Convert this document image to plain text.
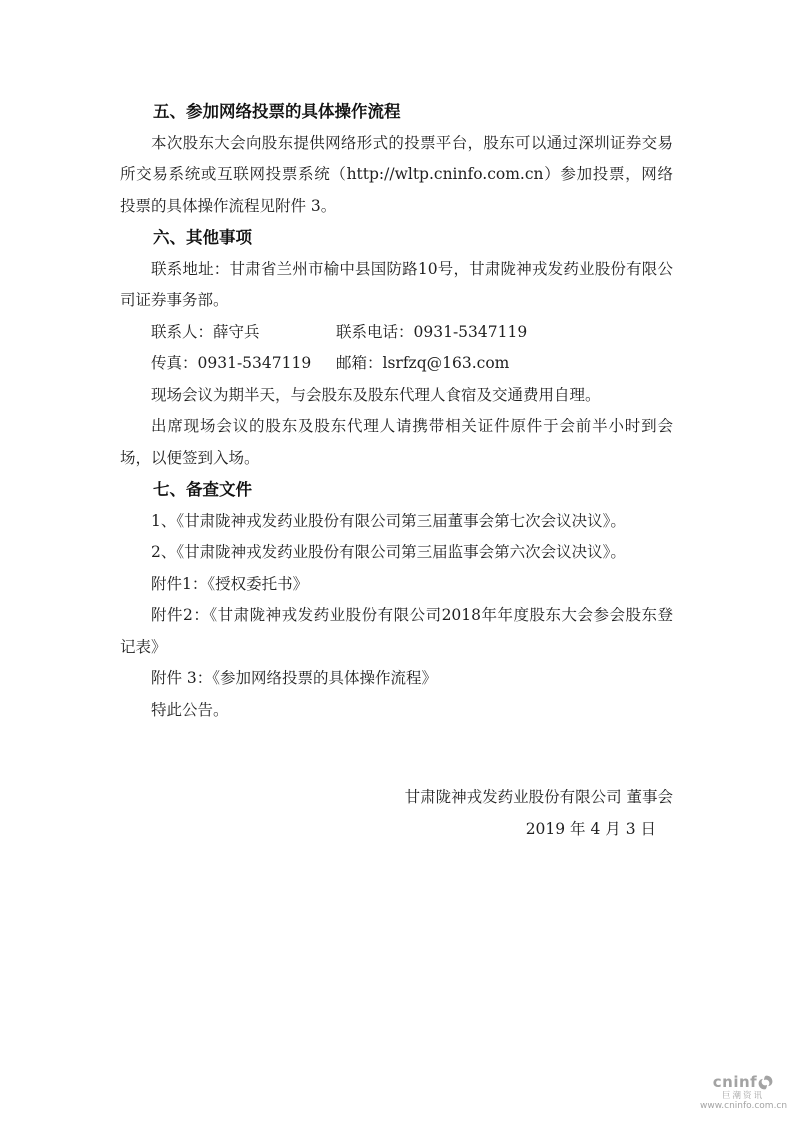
五、参加网络投票的具体操作流程

本次股东大会向股东提供网络形式的投票平台，股东可以通过深圳证券交易所交易系统或互联网投票系统（http://wltp.cninfo.com.cn）参加投票，网络投票的具体操作流程见附件 3。

六、其他事项

联系地址：甘肃省兰州市榆中县国防路10号，甘肃陇神戎发药业股份有限公司证券事务部。

联系人：薛守兵	联系电话：0931-5347119
传真：0931-5347119 邮箱：lsrfzq@163.com

现场会议为期半天，与会股东及股东代理人食宿及交通费用自理。

出席现场会议的股东及股东代理人请携带相关证件原件于会前半小时到会场，以便签到入场。

七、备查文件

1、《甘肃陇神戎发药业股份有限公司第三届董事会第七次会议决议》。

2、《甘肃陇神戎发药业股份有限公司第三届监事会第六次会议决议》。

附件1：《授权委托书》

附件2：《甘肃陇神戎发药业股份有限公司2018年年度股东大会参会股东登记表》

附件 3：《参加网络投票的具体操作流程》

特此公告。

甘肃陇神戎发药业股份有限公司 董事会

2019 年 4 月 3 日

cninf
巨潮资讯
www.cninfo.com.cn
